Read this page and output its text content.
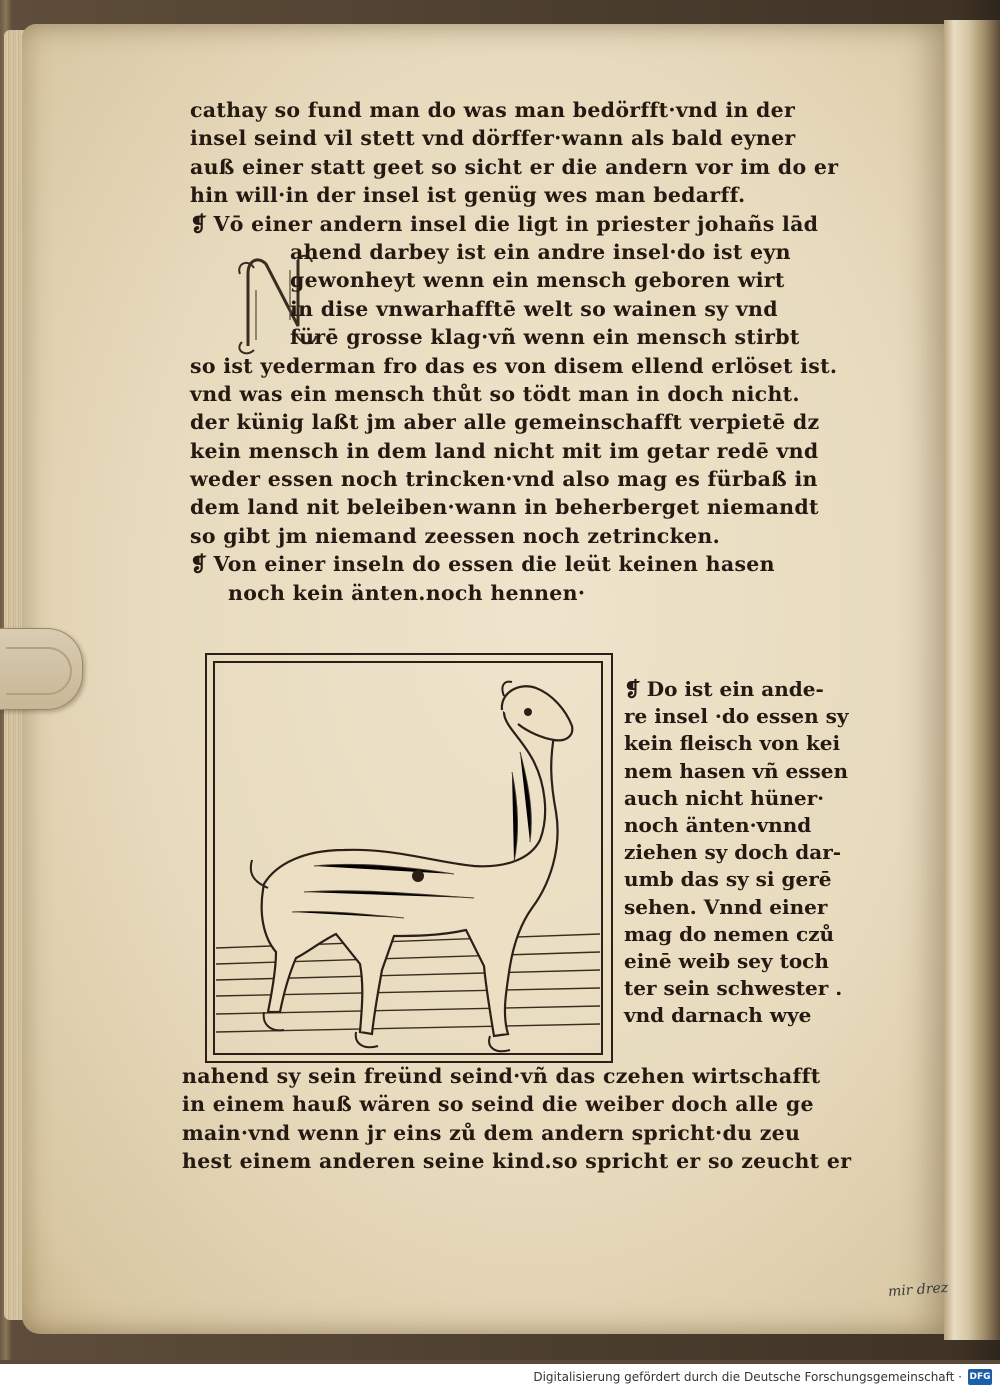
cathay so fund man do was man bedörfft·vnd in der
insel seind vil stett vnd dörffer·wann als bald eyner
auß einer statt geet so sicht er die andern vor im do er
hin will·in der insel ist genüg wes man bedarff.
❡ Vō einer andern insel die ligt in priester johañs lād
ahend darbey ist ein andre insel·do ist eyn
gewonheyt wenn ein mensch geboren wirt
in dise vnwarhafftē welt so wainen sy vnd
fürē grosse klag·vñ wenn ein mensch stirbt
so ist yederman fro das es von disem ellend erlöset ist.
vnd was ein mensch thůt so tödt man in doch nicht.
der künig laßt jm aber alle gemeinschafft verpietē dz
kein mensch in dem land nicht mit im getar redē vnd
weder essen noch trincken·vnd also mag es fürbaß in
dem land nit beleiben·wann in beherberget niemandt
so gibt jm niemand zeessen noch zetrincken.
❡ Von einer inseln do essen die leüt keinen hasen
noch kein änten.noch hennen·
❡ Do ist ein ande-
re insel ·do essen sy
kein fleisch von kei
nem hasen vñ essen
auch nicht hüner·
noch änten·vnnd
ziehen sy doch dar-
umb das sy si gerē
sehen. Vnnd einer
mag do nemen czů
einē weib sey toch
ter sein schwester .
vnd darnach wye
nahend sy sein freünd seind·vñ das czehen wirtschafft
in einem hauß wären so seind die weiber doch alle ge
main·vnd wenn jr eins zů dem andern spricht·du zeu
hest einem anderen seine kind.so spricht er so zeucht er
mir drez
Digitalisierung gefördert durch die Deutsche Forschungsgemeinschaft · DFG
